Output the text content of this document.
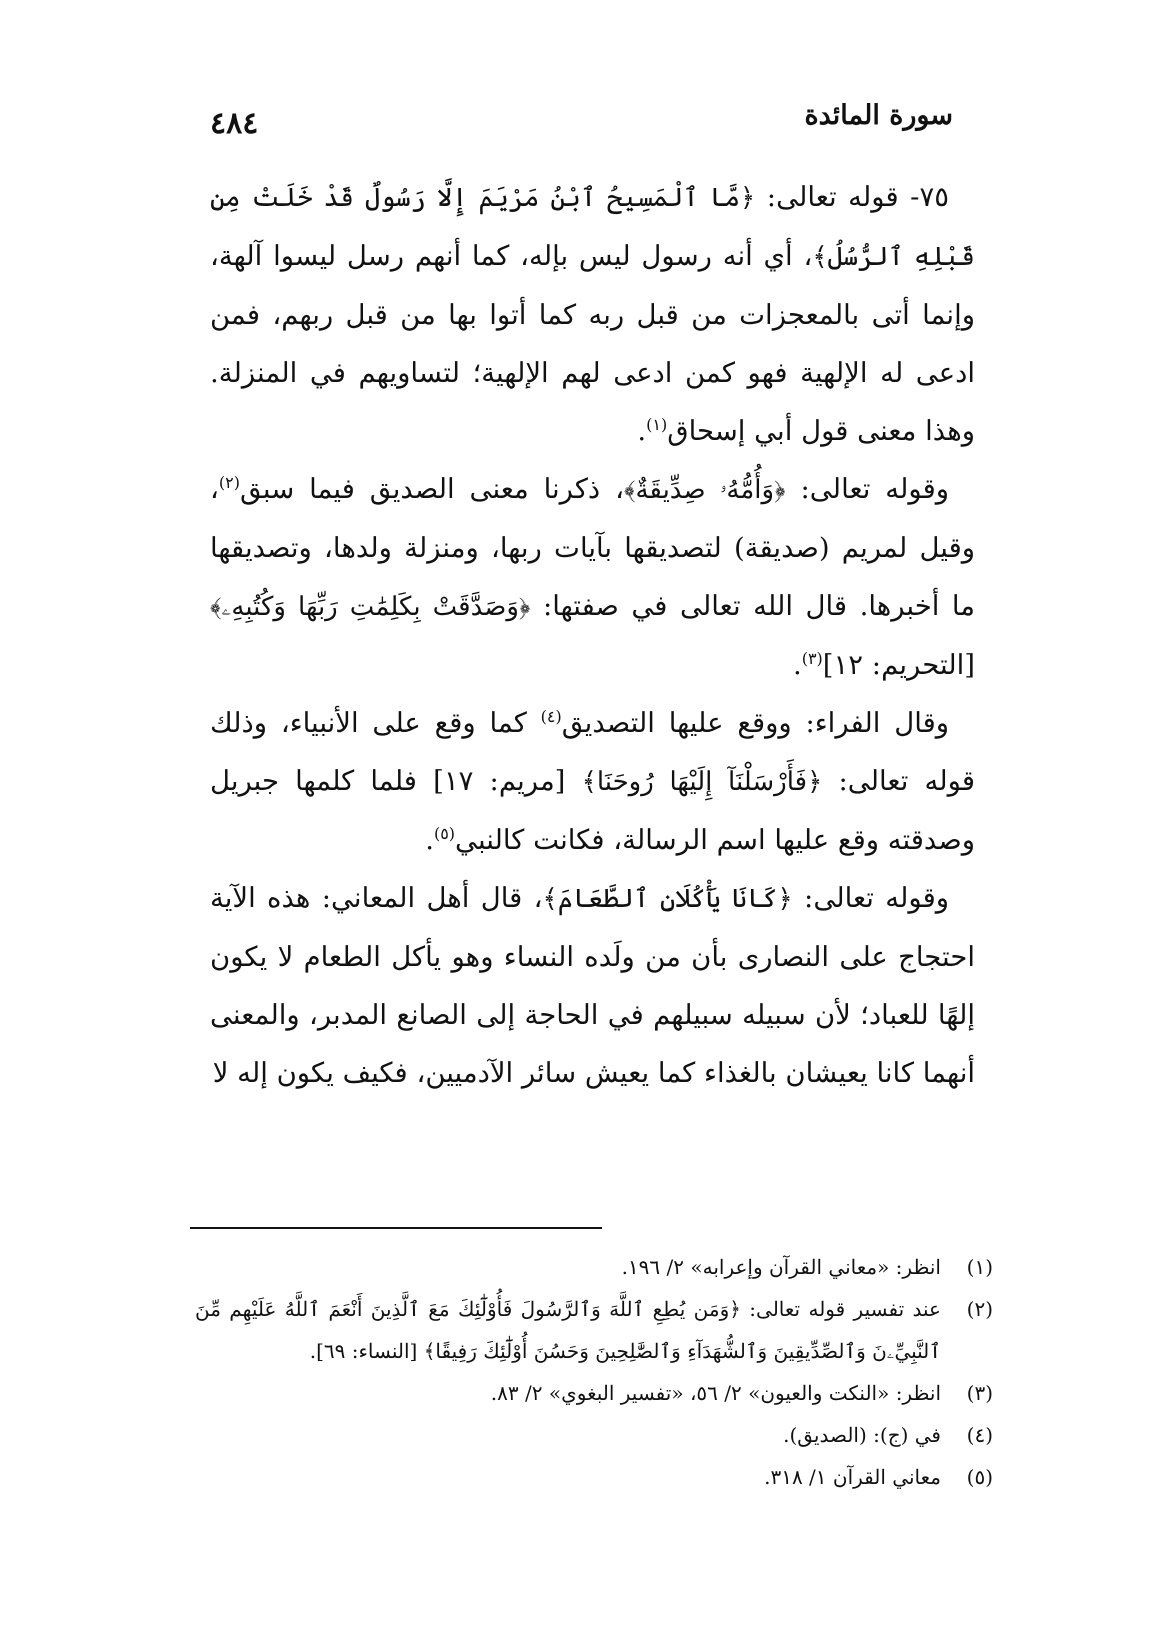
سورة المائدة
٤٨٤

٧٥- قوله تعالى: ﴿مَّا ٱلْمَسِيحُ ٱبْنُ مَرْيَمَ إِلَّا رَسُولٌ قَدْ خَلَتْ مِن قَبْلِهِ ٱلرُّسُلُ﴾، أي أنه رسول ليس بإله، كما أنهم رسل ليسوا آلهة، وإنما أتى بالمعجزات من قبل ربه كما أتوا بها من قبل ربهم، فمن ادعى له الإلهية فهو كمن ادعى لهم الإلهية؛ لتساويهم في المنزلة. وهذا معنى قول أبي إسحاق$^{(١)}$.

وقوله تعالى: ﴿وَأُمُّهُۥ صِدِّيقَةٌ﴾، ذكرنا معنى الصديق فيما سبق$^{(٢)}$، وقيل لمريم (صديقة) لتصديقها بآيات ربها، ومنزلة ولدها، وتصديقها ما أخبرها. قال الله تعالى في صفتها: ﴿وَصَدَّقَتْ بِكَلِمَٰتِ رَبِّهَا وَكُتُبِهِۦ﴾ [التحريم: ١٢]$^{(٣)}$.

وقال الفراء: ووقع عليها التصديق$^{(٤)}$ كما وقع على الأنبياء، وذلك قوله تعالى: ﴿فَأَرْسَلْنَآ إِلَيْهَا رُوحَنَا﴾ [مريم: ١٧] فلما كلمها جبريل وصدقته وقع عليها اسم الرسالة، فكانت كالنبي$^{(٥)}$.

وقوله تعالى: ﴿كَانَا يَأْكُلَانِ ٱلطَّعَامَ﴾، قال أهل المعاني: هذه الآية احتجاج على النصارى بأن من ولَده النساء وهو يأكل الطعام لا يكون إلهًا للعباد؛ لأن سبيله سبيلهم في الحاجة إلى الصانع المدبر، والمعنى أنهما كانا يعيشان بالغذاء كما يعيش سائر الآدميين، فكيف يكون إله لا

(١)
انظر: «معاني القرآن وإعرابه» ٢/ ١٩٦.
(٢)
عند تفسير قوله تعالى: ﴿وَمَن يُطِعِ ٱللَّهَ وَٱلرَّسُولَ فَأُوْلَٰٓئِكَ مَعَ ٱلَّذِينَ أَنْعَمَ ٱللَّهُ عَلَيْهِم مِّنَ ٱلنَّبِيِّۦنَ وَٱلصِّدِّيقِينَ وَٱلشُّهَدَآءِ وَٱلصَّٰلِحِينَ وَحَسُنَ أُوْلَٰٓئِكَ رَفِيقًا﴾ [النساء: ٦٩].
(٣)
انظر: «النكت والعيون» ٢/ ٥٦، «تفسير البغوي» ٢/ ٨٣.
(٤)
في (ج): (الصديق).
(٥)
معاني القرآن ١/ ٣١٨.
